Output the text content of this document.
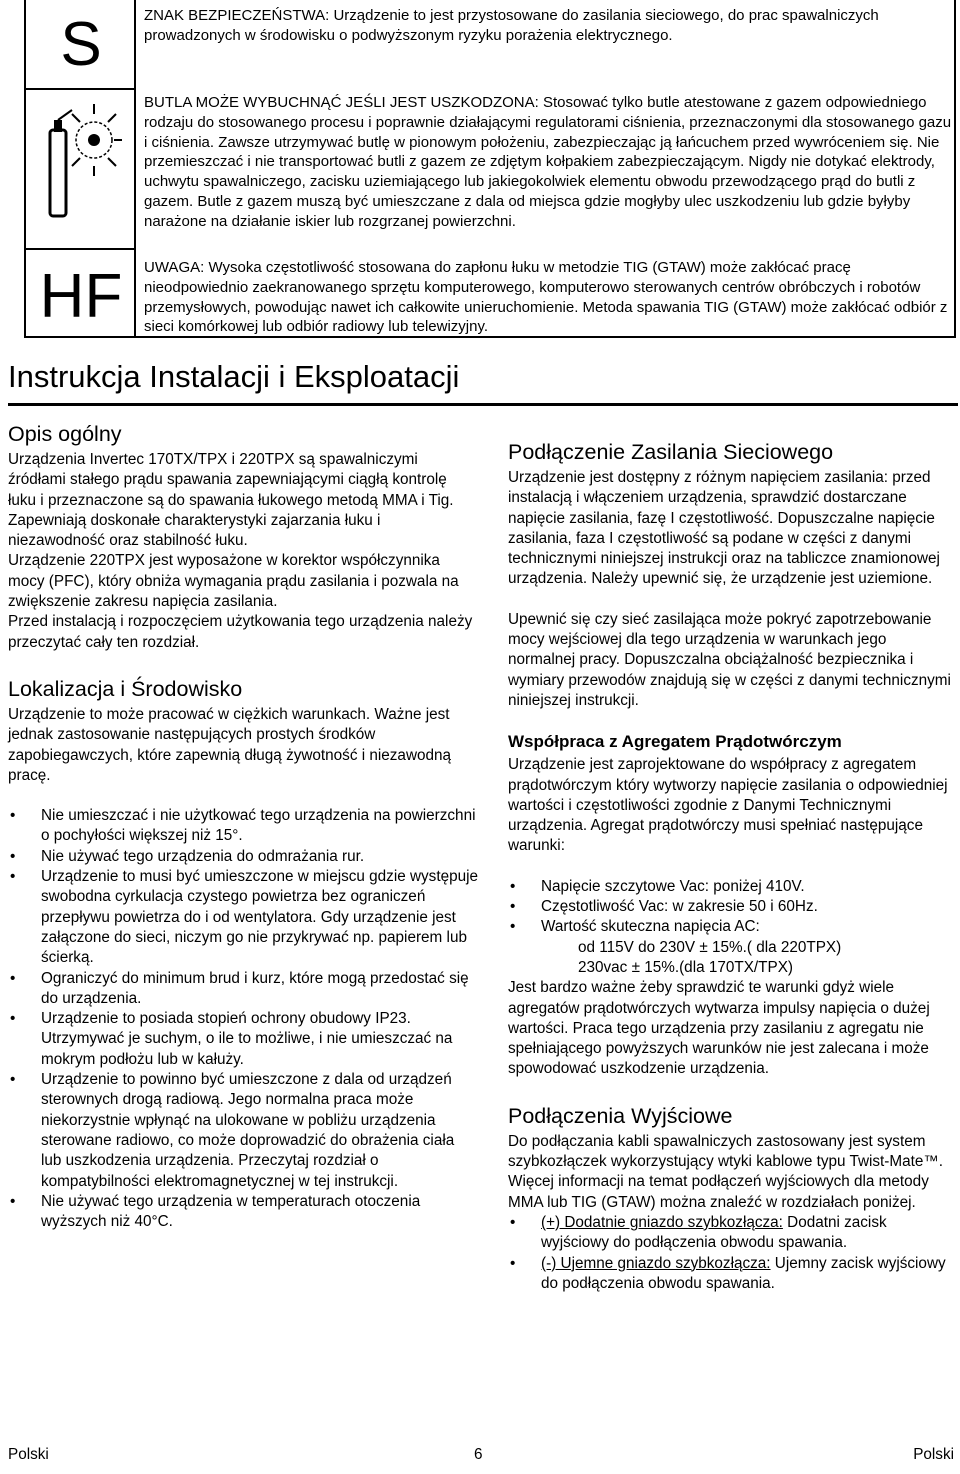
S
HF
ZNAK BEZPIECZEŃSTWA: Urządzenie to jest przystosowane do zasilania sieciowego, do prac spawalniczych prowadzonych w środowisku o podwyższonym ryzyku porażenia elektrycznego.
BUTLA MOŻE WYBUCHNĄĆ JEŚLI JEST USZKODZONA: Stosować tylko butle atestowane z gazem odpowiedniego rodzaju do stosowanego procesu i poprawnie działającymi regulatorami ciśnienia, przeznaczonymi dla stosowanego gazu i ciśnienia. Zawsze utrzymywać butlę w pionowym położeniu, zabezpieczając ją łańcuchem przed wywróceniem się. Nie przemieszczać i nie transportować butli z gazem ze zdjętym kołpakiem zabezpieczającym. Nigdy nie dotykać elektrody, uchwytu spawalniczego, zacisku uziemiającego lub jakiegokolwiek elementu obwodu przewodzącego prąd do butli z gazem. Butle z gazem muszą być umieszczane z dala od miejsca gdzie mogłyby ulec uszkodzeniu lub gdzie byłyby narażone na działanie iskier lub rozgrzanej powierzchni.
UWAGA: Wysoka częstotliwość stosowana do zapłonu łuku w metodzie TIG (GTAW) może zakłócać pracę nieodpowiednio zaekranowanego sprzętu komputerowego, komputerowo sterowanych centrów obróbczych i robotów przemysłowych, powodując nawet ich całkowite unieruchomienie. Metoda spawania TIG (GTAW) może zakłócać odbiór z sieci komórkowej lub odbiór radiowy lub telewizyjny.
Instrukcja Instalacji i Eksploatacji
Opis ogólny

Urządzenia Invertec 170TX/TPX i 220TPX są spawalniczymi źródłami stałego prądu spawania zapewniającymi ciągłą kontrolę łuku i przeznaczone są do spawania łukowego metodą MMA i Tig. Zapewniają doskonałe charakterystyki zajarzania łuku i niezawodność oraz stabilność łuku.

Urządzenie 220TPX jest wyposażone w korektor współczynnika mocy (PFC), który obniża wymagania prądu zasilania i pozwala na zwiększenie zakresu napięcia zasilania.

Przed instalacją i rozpoczęciem użytkowania tego urządzenia należy przeczytać cały ten rozdział.

Lokalizacja i Środowisko

Urządzenie to może pracować w ciężkich warunkach. Ważne jest jednak zastosowanie następujących prostych środków zapobiegawczych, które zapewnią długą żywotność i niezawodną pracę.

• Nie umieszczać i nie użytkować tego urządzenia na powierzchni o pochyłości większej niż 15°.
• Nie używać tego urządzenia do odmrażania rur.
• Urządzenie to musi być umieszczone w miejscu gdzie występuje swobodna cyrkulacja czystego powietrza bez ograniczeń przepływu powietrza do i od wentylatora. Gdy urządzenie jest załączone do sieci, niczym go nie przykrywać np. papierem lub ścierką.
• Ograniczyć do minimum brud i kurz, które mogą przedostać się do urządzenia.
• Urządzenie to posiada stopień ochrony obudowy IP23. Utrzymywać je suchym, o ile to możliwe, i nie umieszczać na mokrym podłożu lub w kałuży.
• Urządzenie to powinno być umieszczone z dala od urządzeń sterownych drogą radiową. Jego normalna praca może niekorzystnie wpłynąć na ulokowane w pobliżu urządzenia sterowane radiowo, co może doprowadzić do obrażenia ciała lub uszkodzenia urządzenia. Przeczytaj rozdział o kompatybilności elektromagnetycznej w tej instrukcji.
• Nie używać tego urządzenia w temperaturach otoczenia wyższych niż 40°C.
Podłączenie Zasilania Sieciowego

Urządzenie jest dostępny z różnym napięciem zasilania: przed instalacją i włączeniem urządzenia, sprawdzić dostarczane napięcie zasilania, fazę I częstotliwość. Dopuszczalne napięcie zasilania, faza I częstotliwość są podane w części z danymi technicznymi niniejszej instrukcji oraz na tabliczce znamionowej urządzenia. Należy upewnić się, że urządzenie jest uziemione.

Upewnić się czy sieć zasilająca może pokryć zapotrzebowanie mocy wejściowej dla tego urządzenia w warunkach jego normalnej pracy. Dopuszczalna obciążalność bezpiecznika i wymiary przewodów znajdują się w części z danymi technicznymi niniejszej instrukcji.

Współpraca z Agregatem Prądotwórczym

Urządzenie jest zaprojektowane do współpracy z agregatem prądotwórczym który wytworzy napięcie zasilania o odpowiedniej wartości i częstotliwości zgodnie z Danymi Technicznymi urządzenia. Agregat prądotwórczy musi spełniać następujące warunki:

• Napięcie szczytowe Vac: poniżej 410V.
• Częstotliwość Vac: w zakresie 50 i 60Hz.
• Wartość skuteczna napięcia AC:
od 115V do 230V ± 15%.( dla 220TPX)
230vac ± 15%.(dla 170TX/TPX)

Jest bardzo ważne żeby sprawdzić te warunki gdyż wiele agregatów prądotwórczych wytwarza impulsy napięcia o dużej wartości. Praca tego urządzenia przy zasilaniu z agregatu nie spełniającego powyższych warunków nie jest zalecana i może spowodować uszkodzenie urządzenia.

Podłączenia Wyjściowe

Do podłączania kabli spawalniczych zastosowany jest system szybkozłączek wykorzystujący wtyki kablowe typu Twist-Mate™. Więcej informacji na temat podłączeń wyjściowych dla metody MMA lub TIG (GTAW) można znaleźć w rozdziałach poniżej.

• (+) Dodatnie gniazdo szybkozłącza: Dodatni zacisk wyjściowy do podłączenia obwodu spawania.
• (-) Ujemne gniazdo szybkozłącza: Ujemny zacisk wyjściowy do podłączenia obwodu spawania.
Polski	6	Polski
